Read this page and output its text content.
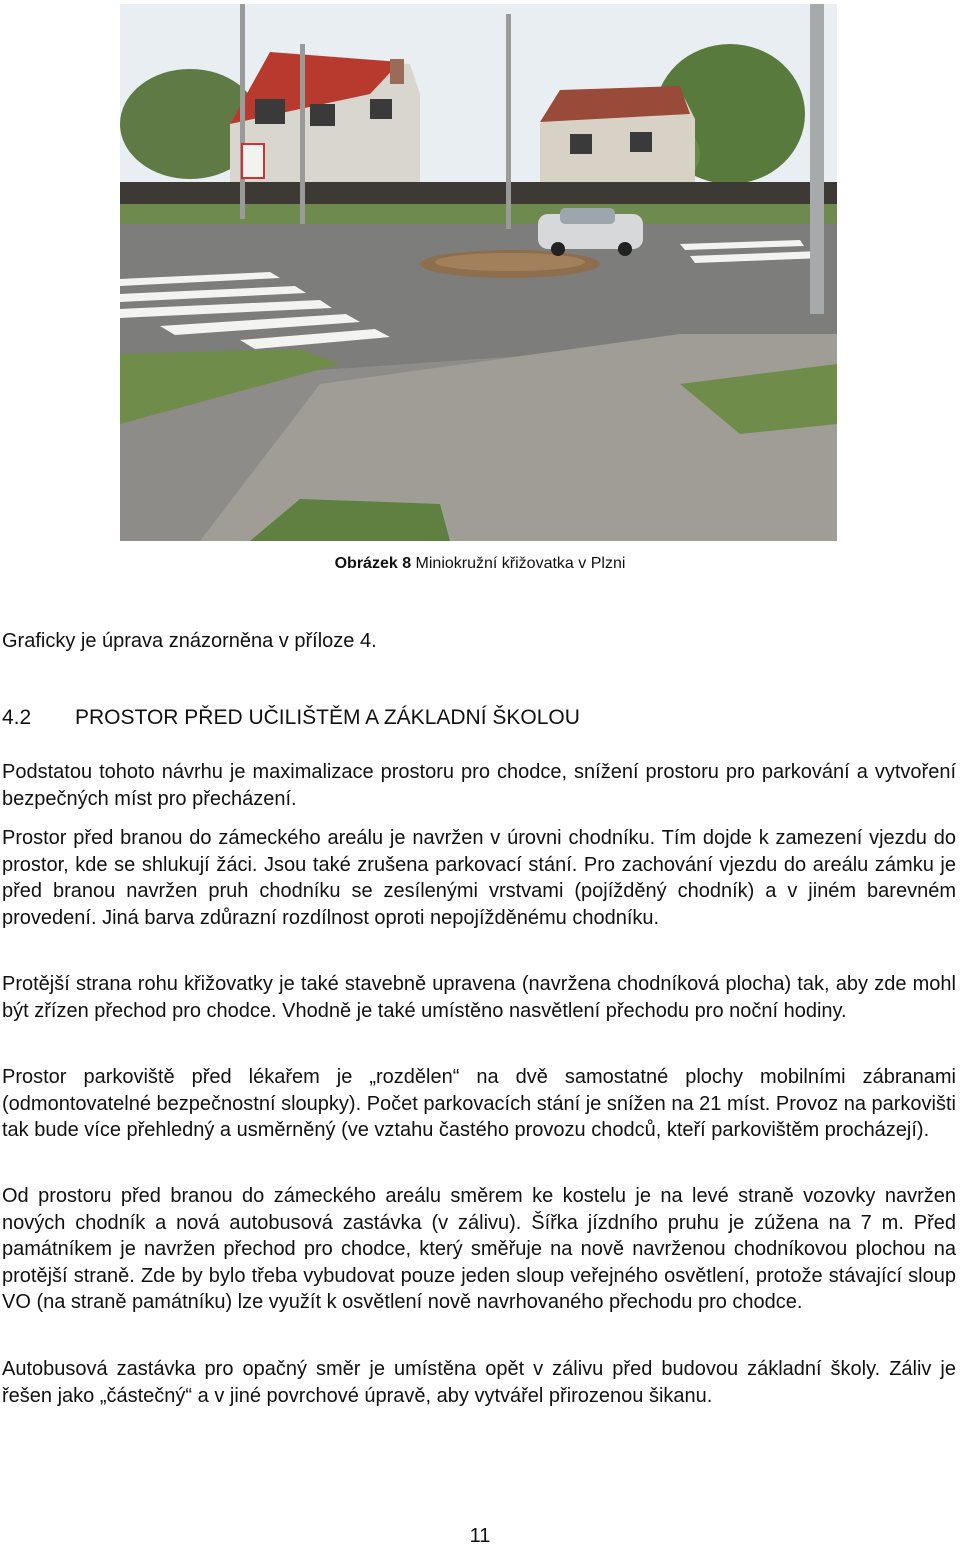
Obrázek 8 Miniokružní křižovatka v Plzni

Graficky je úprava znázorněna v příloze 4.

4.2 PROSTOR PŘED UČILIŠTĚM A ZÁKLADNÍ ŠKOLOU

Podstatou tohoto návrhu je maximalizace prostoru pro chodce, snížení prostoru pro parkování a vytvoření bezpečných míst pro přecházení.

Prostor před branou do zámeckého areálu je navržen v úrovni chodníku. Tím dojde k zamezení vjezdu do prostor, kde se shlukují žáci. Jsou také zrušena parkovací stání. Pro zachování vjezdu do areálu zámku je před branou navržen pruh chodníku se zesílenými vrstvami (pojížděný chodník) a v jiném barevném provedení. Jiná barva zdůrazní rozdílnost oproti nepojížděnému chodníku.

Protější strana rohu křižovatky je také stavebně upravena (navržena chodníková plocha) tak, aby zde mohl být zřízen přechod pro chodce. Vhodně je také umístěno nasvětlení přechodu pro noční hodiny.

Prostor parkoviště před lékařem je „rozdělen“ na dvě samostatné plochy mobilními zábranami (odmontovatelné bezpečnostní sloupky). Počet parkovacích stání je snížen na 21 míst. Provoz na parkovišti tak bude více přehledný a usměrněný (ve vztahu častého provozu chodců, kteří parkovištěm procházejí).

Od prostoru před branou do zámeckého areálu směrem ke kostelu je na levé straně vozovky navržen nových chodník a nová autobusová zastávka (v zálivu). Šířka jízdního pruhu je zúžena na 7 m. Před památníkem je navržen přechod pro chodce, který směřuje na nově navrženou chodníkovou plochou na protější straně. Zde by bylo třeba vybudovat pouze jeden sloup veřejného osvětlení, protože stávající sloup VO (na straně památníku) lze využít k osvětlení nově navrhovaného přechodu pro chodce.

Autobusová zastávka pro opačný směr je umístěna opět v zálivu před budovou základní školy. Záliv je řešen jako „částečný“ a v jiné povrchové úpravě, aby vytvářel přirozenou šikanu.

11
